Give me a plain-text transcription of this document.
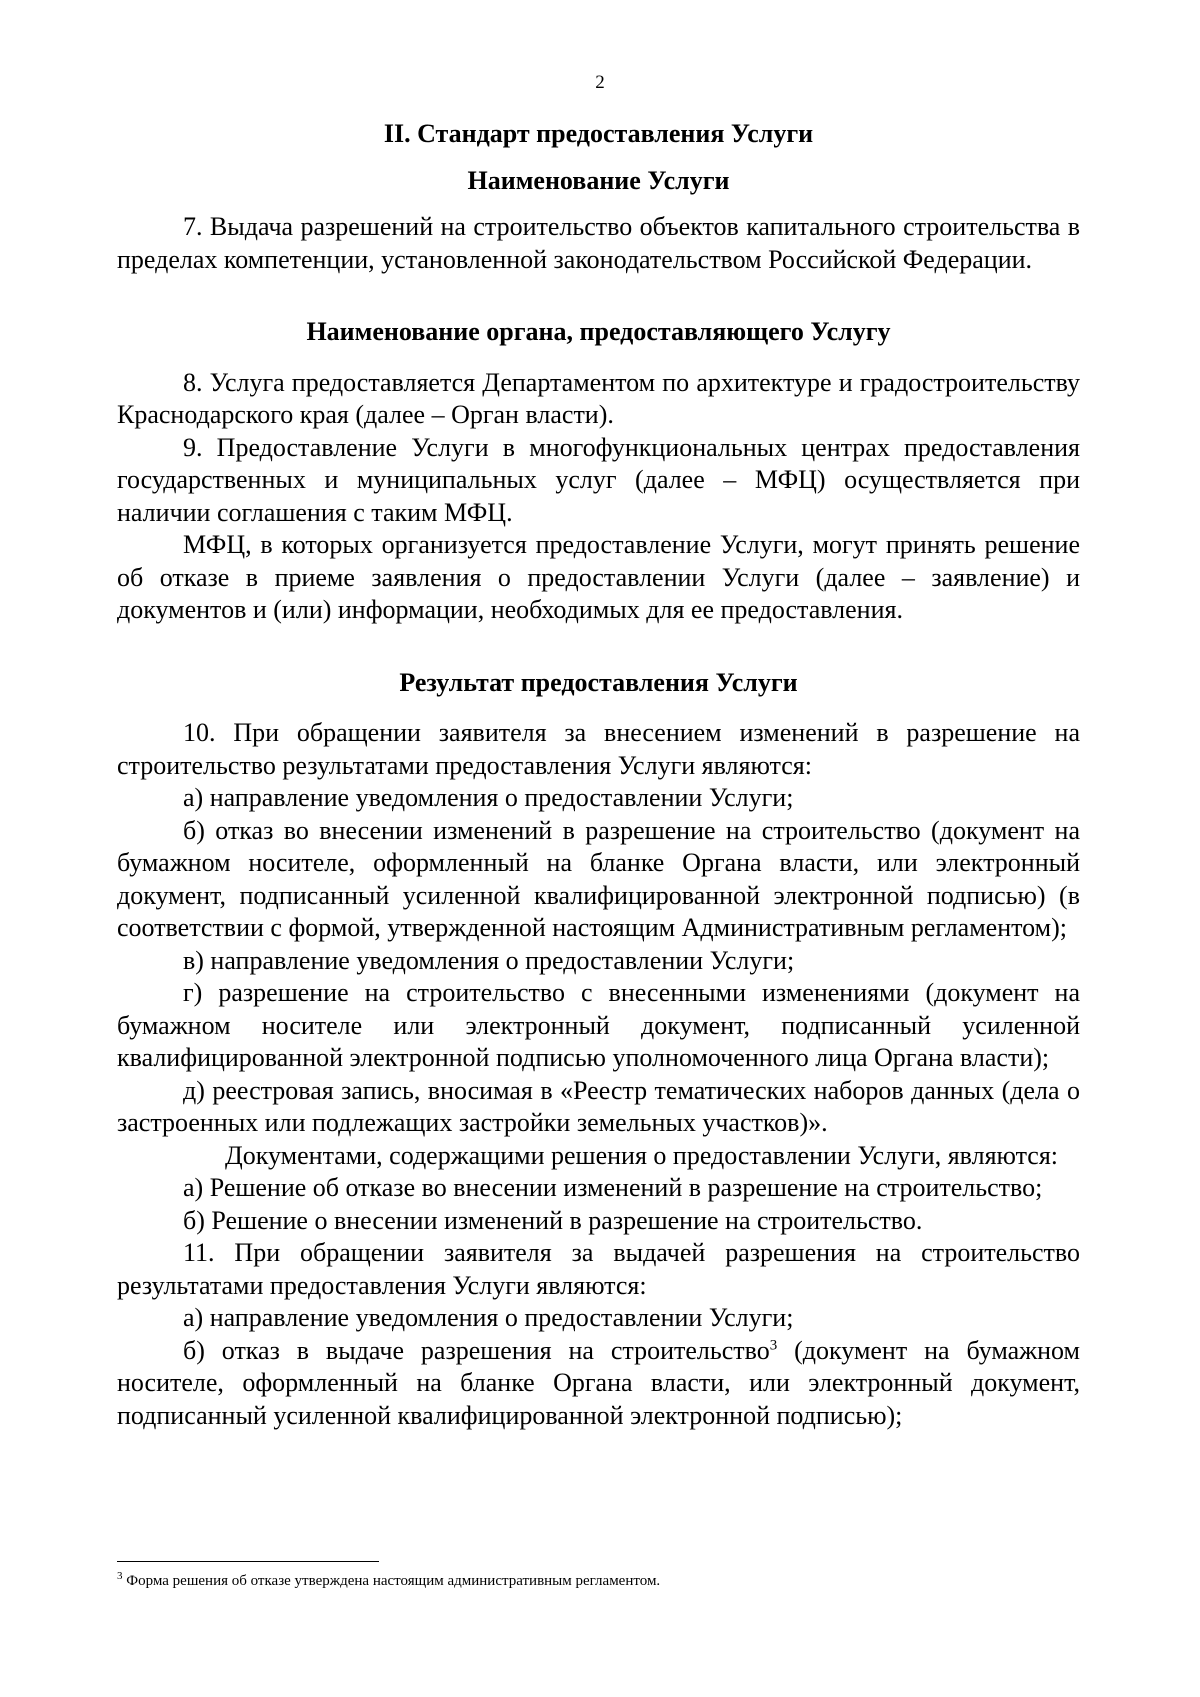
2

II. Стандарт предоставления Услуги

Наименование Услуги

7. Выдача разрешений на строительство объектов капитального строительства в пределах компетенции, установленной законодательством Российской Федерации.

Наименование органа, предоставляющего Услугу

8. Услуга предоставляется Департаментом по архитектуре и градостроительству Краснодарского края (далее – Орган власти).

9. Предоставление Услуги в многофункциональных центрах предоставления государственных и муниципальных услуг (далее – МФЦ) осуществляется при наличии соглашения с таким МФЦ.

МФЦ, в которых организуется предоставление Услуги, могут принять решение об отказе в приеме заявления о предоставлении Услуги (далее – заявление) и документов и (или) информации, необходимых для ее предоставления.

Результат предоставления Услуги

10. При обращении заявителя за внесением изменений в разрешение на строительство результатами предоставления Услуги являются:

а) направление уведомления о предоставлении Услуги;

б) отказ во внесении изменений в разрешение на строительство (документ на бумажном носителе, оформленный на бланке Органа власти, или электронный документ, подписанный усиленной квалифицированной электронной подписью) (в соответствии с формой, утвержденной настоящим Административным регламентом);

в) направление уведомления о предоставлении Услуги;

г) разрешение на строительство с внесенными изменениями (документ на бумажном носителе или электронный документ, подписанный усиленной квалифицированной электронной подписью уполномоченного лица Органа власти);

д) реестровая запись, вносимая в «Реестр тематических наборов данных (дела о застроенных или подлежащих застройки земельных участков)».

Документами, содержащими решения о предоставлении Услуги, являются:

а) Решение об отказе во внесении изменений в разрешение на строительство;

б) Решение о внесении изменений в разрешение на строительство.

11. При обращении заявителя за выдачей разрешения на строительство результатами предоставления Услуги являются:

а) направление уведомления о предоставлении Услуги;

б) отказ в выдаче разрешения на строительство$^3$ (документ на бумажном носителе, оформленный на бланке Органа власти, или электронный документ, подписанный усиленной квалифицированной электронной подписью);

$^3$ Форма решения об отказе утверждена настоящим административным регламентом.
